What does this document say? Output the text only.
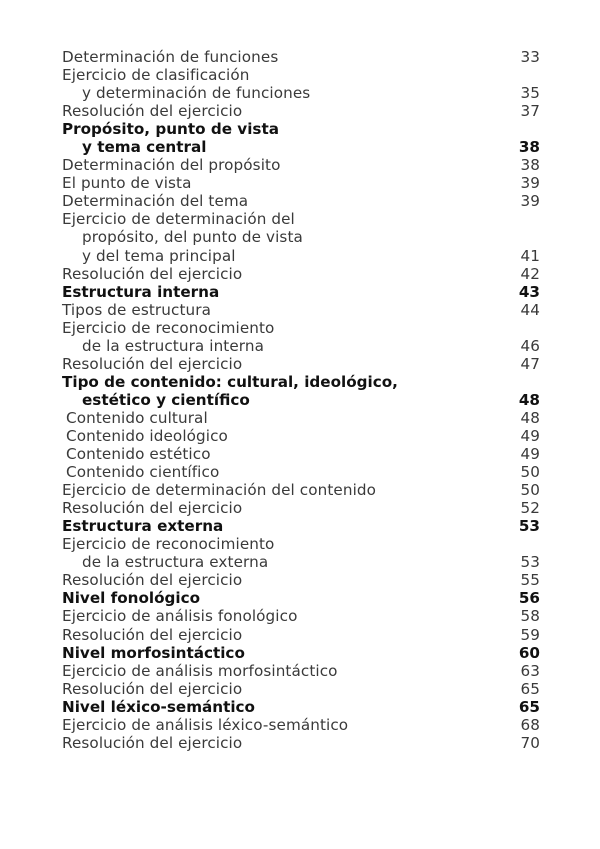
Determinación de funciones	33
Ejercicio de clasificación
y determinación de funciones	35
Resolución del ejercicio	37
Propósito, punto de vista
y tema central	38
Determinación del propósito	38
El punto de vista	39
Determinación del tema	39
Ejercicio de determinación del
propósito, del punto de vista
y del tema principal	41
Resolución del ejercicio	42
Estructura interna	43
Tipos de estructura	44
Ejercicio de reconocimiento
de la estructura interna	46
Resolución del ejercicio	47
Tipo de contenido: cultural, ideológico,
estético y científico	48
Contenido cultural	48
Contenido ideológico	49
Contenido estético	49
Contenido científico	50
Ejercicio de determinación del contenido	50
Resolución del ejercicio	52
Estructura externa	53
Ejercicio de reconocimiento
de la estructura externa	53
Resolución del ejercicio	55
Nivel fonológico	56
Ejercicio de análisis fonológico	58
Resolución del ejercicio	59
Nivel morfosintáctico	60
Ejercicio de análisis morfosintáctico	63
Resolución del ejercicio	65
Nivel léxico-semántico	65
Ejercicio de análisis léxico-semántico	68
Resolución del ejercicio	70
